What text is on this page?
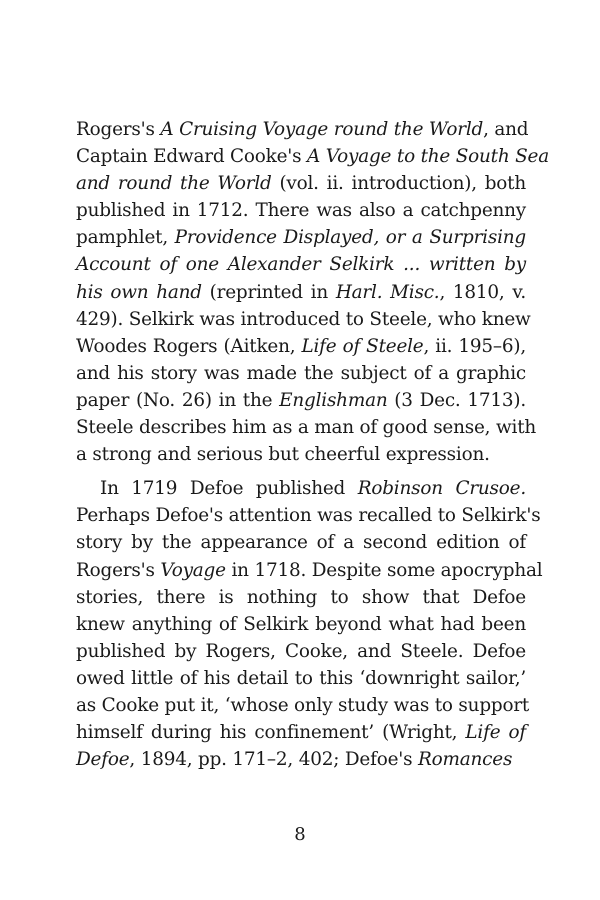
Rogers's A Cruising Voyage round the World, and
Captain Edward Cooke's A Voyage to the South Sea
and round the World (vol. ii. introduction), both
published in 1712. There was also a catchpenny
pamphlet, Providence Displayed, or a Surprising
Account of one Alexander Selkirk ... written by
his own hand (reprinted in Harl. Misc., 1810, v.
429). Selkirk was introduced to Steele, who knew
Woodes Rogers (Aitken, Life of Steele, ii. 195–6),
and his story was made the subject of a graphic
paper (No. 26) in the Englishman (3 Dec. 1713).
Steele describes him as a man of good sense, with
a strong and serious but cheerful expression.

In 1719 Defoe published Robinson Crusoe.
Perhaps Defoe's attention was recalled to Selkirk's
story by the appearance of a second edition of
Rogers's Voyage in 1718. Despite some apocryphal
stories, there is nothing to show that Defoe
knew anything of Selkirk beyond what had been
published by Rogers, Cooke, and Steele. Defoe
owed little of his detail to this ‘downright sailor,’
as Cooke put it, ‘whose only study was to support
himself during his confinement’ (Wright, Life of
Defoe, 1894, pp. 171–2, 402; Defoe's Romances

8
